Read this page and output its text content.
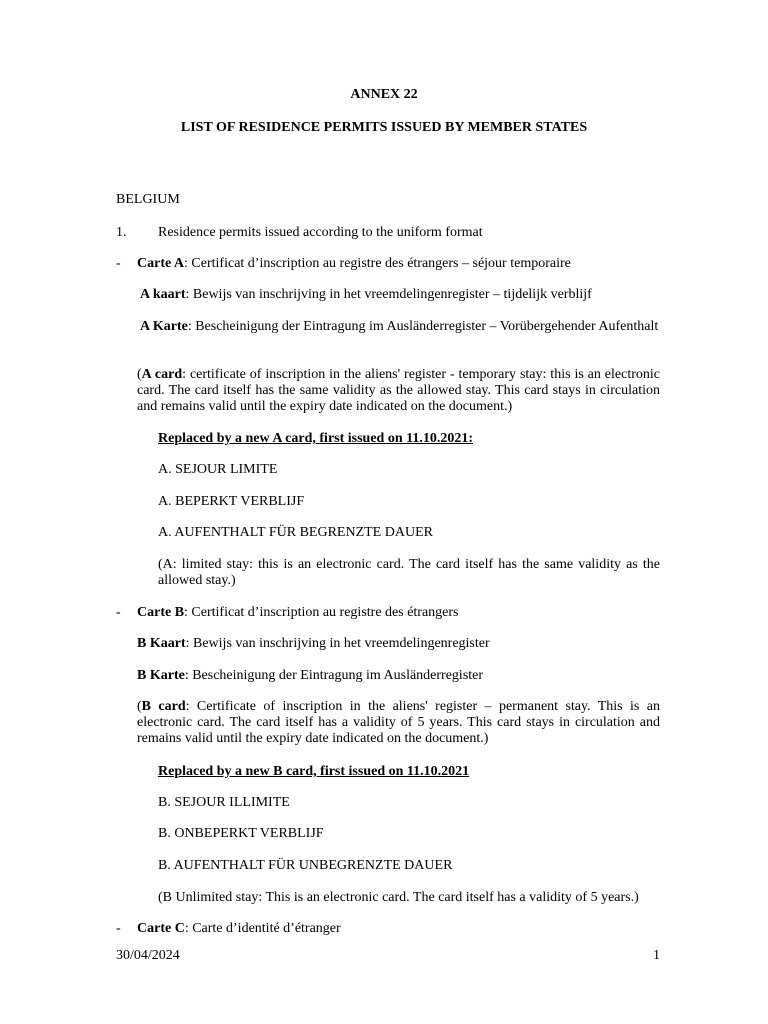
ANNEX 22
LIST OF RESIDENCE PERMITS ISSUED BY MEMBER STATES
BELGIUM
1. Residence permits issued according to the uniform format
- Carte A: Certificat d’inscription au registre des étrangers – séjour temporaire
A kaart: Bewijs van inschrijving in het vreemdelingenregister – tijdelijk verblijf
A Karte: Bescheinigung der Eintragung im Ausländerregister – Vorübergehender Aufenthalt
(A card: certificate of inscription in the aliens' register - temporary stay: this is an electronic card. The card itself has the same validity as the allowed stay. This card stays in circulation and remains valid until the expiry date indicated on the document.)
Replaced by a new A card, first issued on 11.10.2021:
A. SEJOUR LIMITE
A. BEPERKT VERBLIJF
A. AUFENTHALT FÜR BEGRENZTE DAUER
(A: limited stay: this is an electronic card. The card itself has the same validity as the allowed stay.)
- Carte B: Certificat d’inscription au registre des étrangers
B Kaart: Bewijs van inschrijving in het vreemdelingenregister
B Karte: Bescheinigung der Eintragung im Ausländerregister
(B card: Certificate of inscription in the aliens' register – permanent stay. This is an electronic card. The card itself has a validity of 5 years. This card stays in circulation and remains valid until the expiry date indicated on the document.)
Replaced by a new B card, first issued on 11.10.2021
B. SEJOUR ILLIMITE
B. ONBEPERKT VERBLIJF
B. AUFENTHALT FÜR UNBEGRENZTE DAUER
(B Unlimited stay: This is an electronic card. The card itself has a validity of 5 years.)
- Carte C: Carte d’identité d’étranger
30/04/2024	1
